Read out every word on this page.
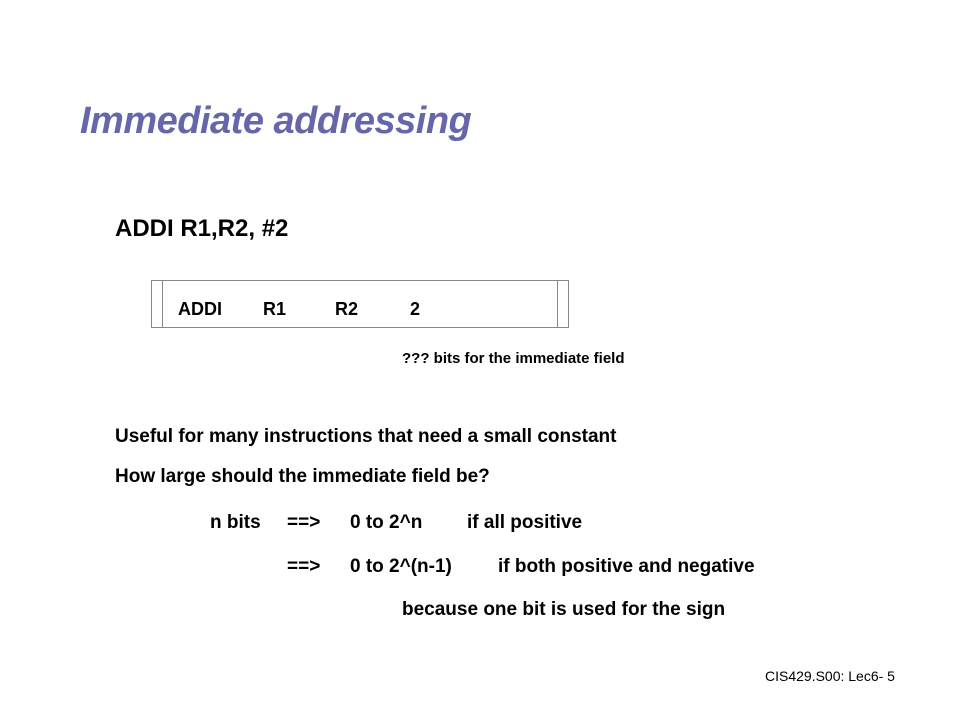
Immediate addressing
ADDI R1,R2, #2
ADDI R1	R2	2
??? bits for the immediate field
Useful for many instructions that need a small constant
How large should the immediate field be?
n bits ==> 0 to 2^n if all positive
==> 0 to 2^(n-1) if both positive and negative
because one bit is used for the sign
CIS429.S00: Lec6- 5
